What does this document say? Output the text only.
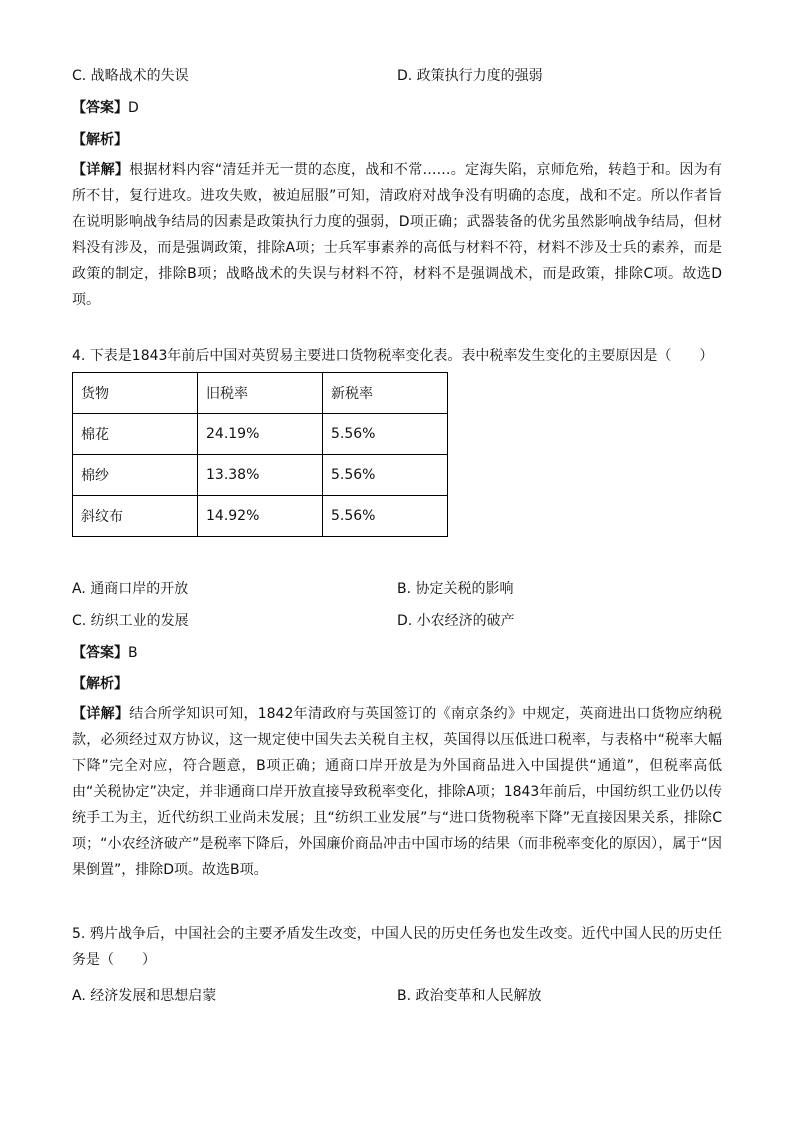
C. 战略战术的失误	D. 政策执行力度的强弱
【答案】D
【解析】
【详解】根据材料内容“清廷并无一贯的态度，战和不常……。定海失陷，京师危殆，转趋于和。因为有所不甘，复行进攻。进攻失败，被迫屈服”可知，清政府对战争没有明确的态度，战和不定。所以作者旨在说明影响战争结局的因素是政策执行力度的强弱，D项正确；武器装备的优劣虽然影响战争结局，但材料没有涉及，而是强调政策，排除A项；士兵军事素养的高低与材料不符，材料不涉及士兵的素养，而是政策的制定，排除B项；战略战术的失误与材料不符，材料不是强调战术，而是政策，排除C项。故选D项。
4. 下表是1843年前后中国对英贸易主要进口货物税率变化表。表中税率发生变化的主要原因是（　　）
货物	旧税率	新税率
棉花	24.19%	5.56%
棉纱	13.38%	5.56%
斜纹布	14.92%	5.56%
A. 通商口岸的开放	B. 协定关税的影响
C. 纺织工业的发展	D. 小农经济的破产
【答案】B
【解析】
【详解】结合所学知识可知，1842年清政府与英国签订的《南京条约》中规定，英商进出口货物应纳税款，必须经过双方协议，这一规定使中国失去关税自主权，英国得以压低进口税率，与表格中“税率大幅下降”完全对应，符合题意，B项正确；通商口岸开放是为外国商品进入中国提供“通道”，但税率高低由“关税协定”决定，并非通商口岸开放直接导致税率变化，排除A项；1843年前后，中国纺织工业仍以传统手工为主，近代纺织工业尚未发展；且“纺织工业发展”与“进口货物税率下降”无直接因果关系，排除C项；“小农经济破产”是税率下降后，外国廉价商品冲击中国市场的结果（而非税率变化的原因），属于“因果倒置”，排除D项。故选B项。
5. 鸦片战争后，中国社会的主要矛盾发生改变，中国人民的历史任务也发生改变。近代中国人民的历史任务是（　　）
A. 经济发展和思想启蒙	B. 政治变革和人民解放
